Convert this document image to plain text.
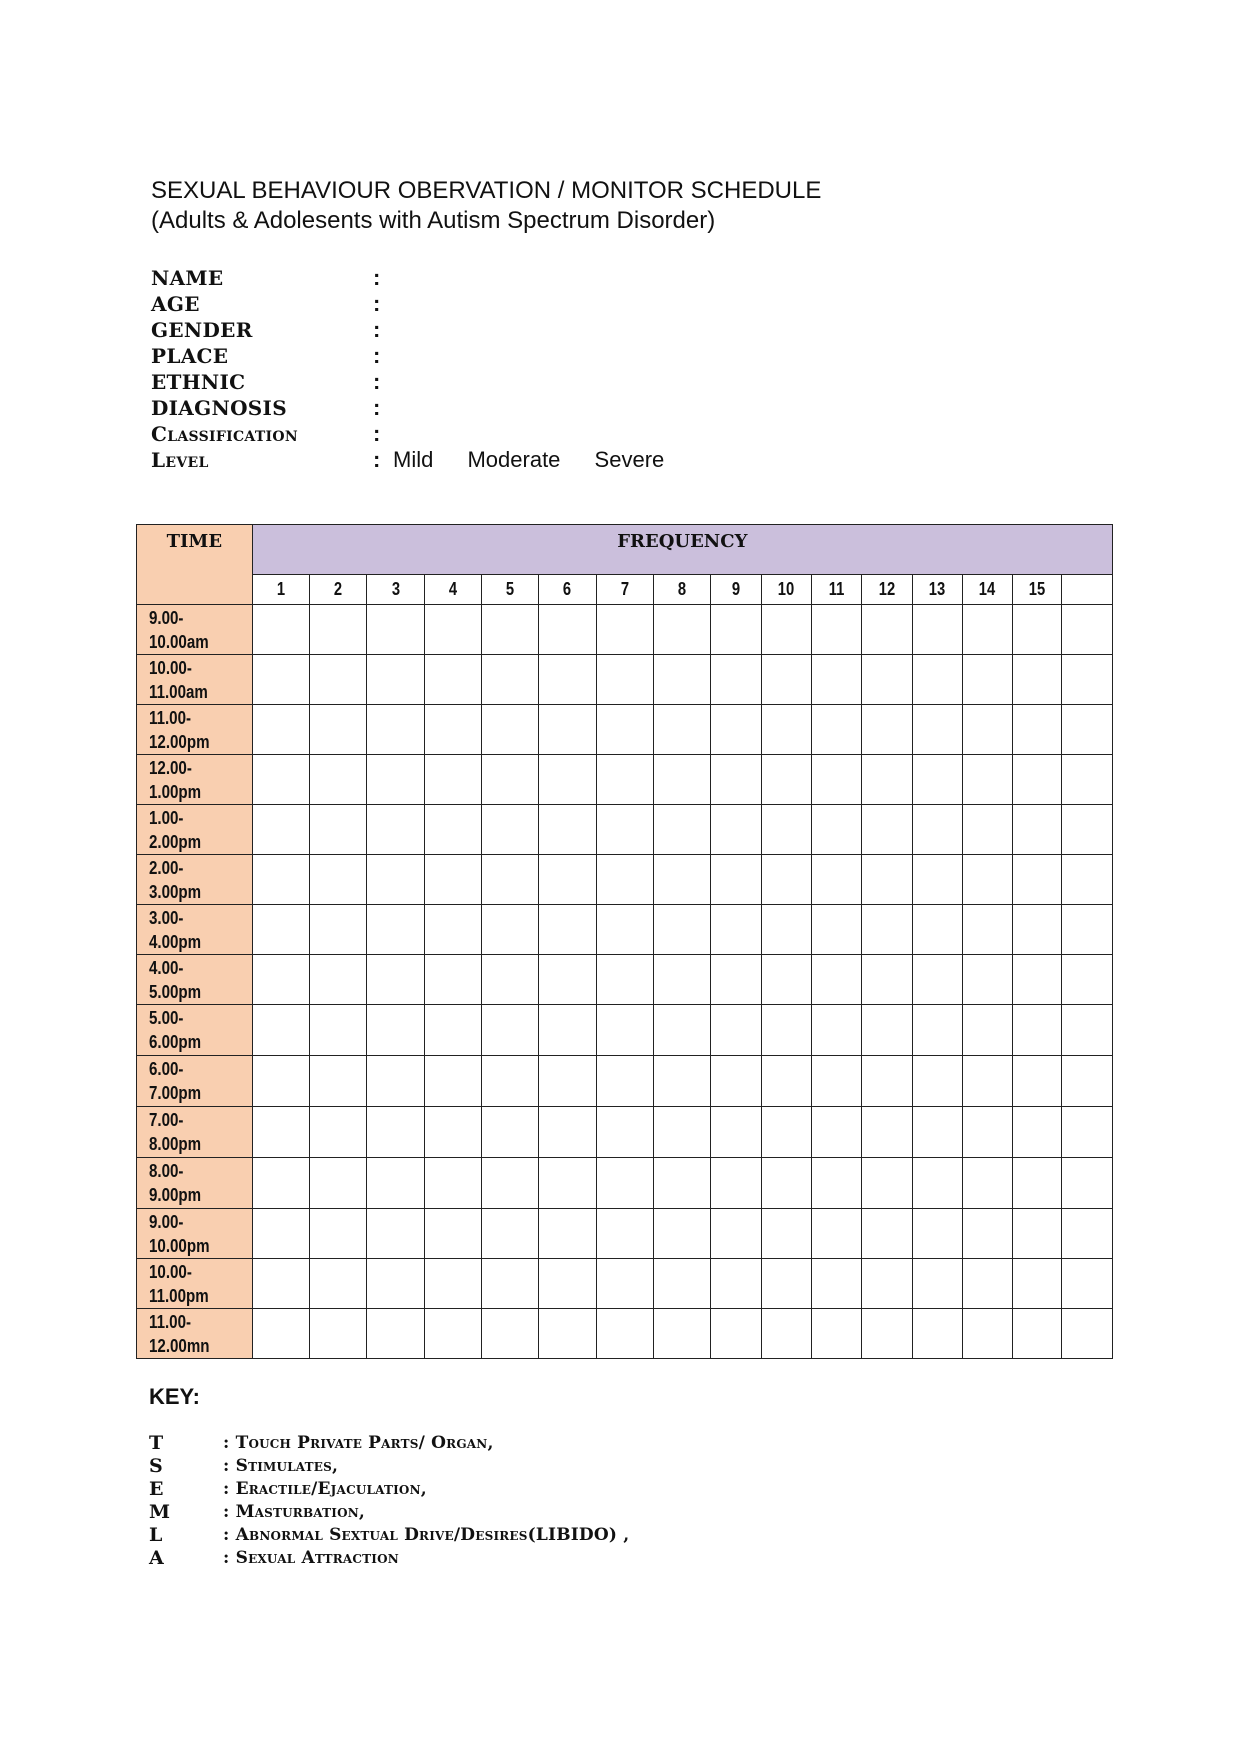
SEXUAL BEHAVIOUR OBERVATION / MONITOR SCHEDULE
(Adults & Adolesents with Autism Spectrum Disorder)
NAME	:
AGE	:
GENDER	:
PLACE	:
ETHNIC	:
DIAGNOSIS	:
Classification	:
Level	: Mild Moderate Severe
TIME	FREQUENCY															
	1	2	3	4	5	6	7	8	9	10	11	12	13	14	15	

9.00-
10.00am																

10.00-
11.00am																

11.00-
12.00pm																

12.00-
1.00pm																

1.00-
2.00pm																

2.00-
3.00pm																

3.00-
4.00pm																

4.00-
5.00pm																

5.00-
6.00pm																

6.00-
7.00pm																

7.00-
8.00pm																

8.00-
9.00pm																

9.00-
10.00pm																

10.00-
11.00pm																

11.00-
12.00mn																

KEY:
T	: Touch Private Parts/ Organ,
S	: Stimulates,
E	: Eractile/Ejaculation,
M	: Masturbation,
L	: Abnormal Sextual Drive/Desires(LIBIDO) ,
A	: Sexual Attraction
